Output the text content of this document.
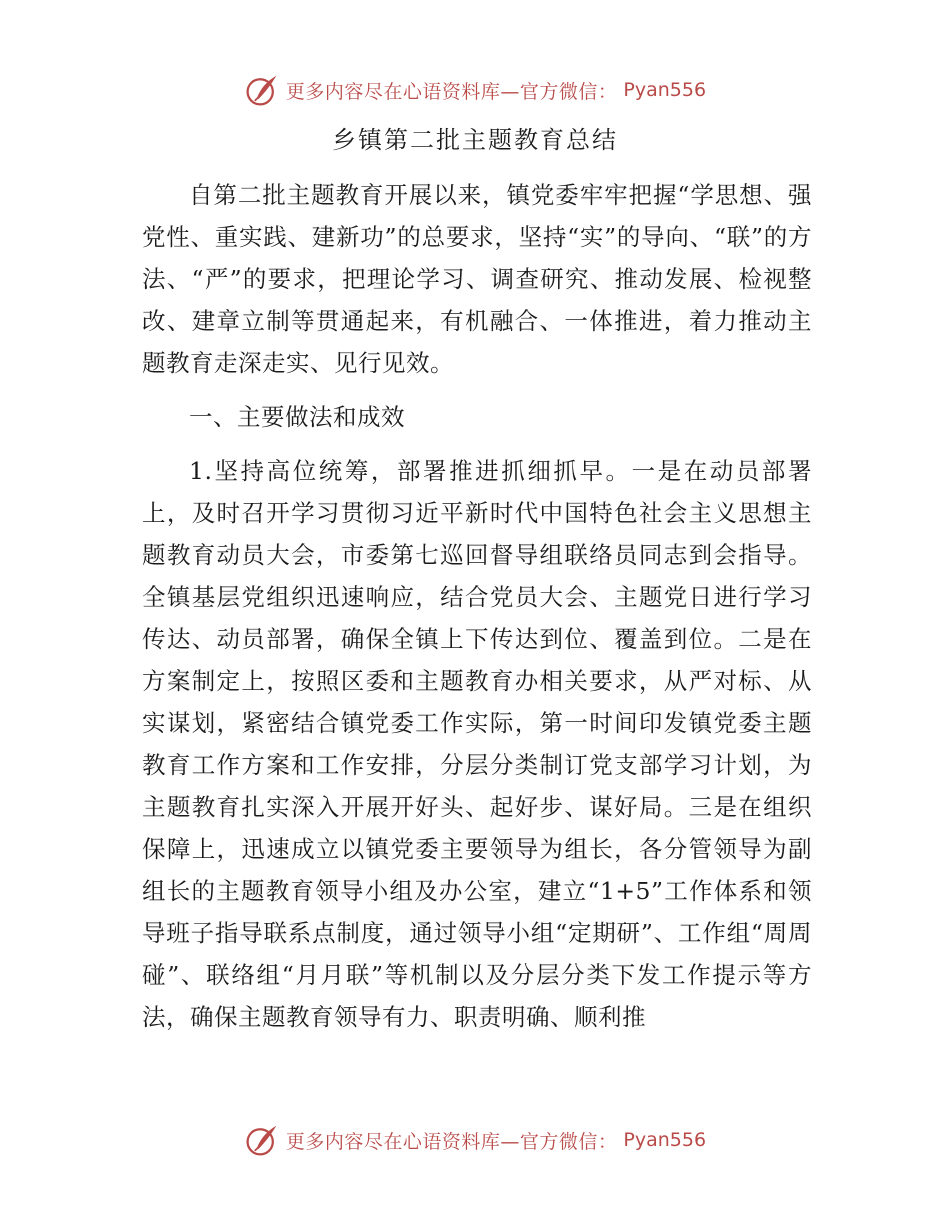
更多内容尽在心语资料库—官方微信： Pyan556
乡镇第二批主题教育总结

自第二批主题教育开展以来，镇党委牢牢把握“学思想、强党性、重实践、建新功”的总要求，坚持“实”的导向、“联”的方法、“严”的要求，把理论学习、调查研究、推动发展、检视整改、建章立制等贯通起来，有机融合、一体推进，着力推动主题教育走深走实、见行见效。

一、主要做法和成效

1.坚持高位统筹，部署推进抓细抓早。一是在动员部署上，及时召开学习贯彻习近平新时代中国特色社会主义思想主题教育动员大会，市委第七巡回督导组联络员同志到会指导。全镇基层党组织迅速响应，结合党员大会、主题党日进行学习传达、动员部署，确保全镇上下传达到位、覆盖到位。二是在方案制定上，按照区委和主题教育办相关要求，从严对标、从实谋划，紧密结合镇党委工作实际，第一时间印发镇党委主题教育工作方案和工作安排，分层分类制订党支部学习计划，为主题教育扎实深入开展开好头、起好步、谋好局。三是在组织保障上，迅速成立以镇党委主要领导为组长，各分管领导为副组长的主题教育领导小组及办公室，建立“1+5”工作体系和领导班子指导联系点制度，通过领导小组“定期研”、工作组“周周碰”、联络组“月月联”等机制以及分层分类下发工作提示等方法，确保主题教育领导有力、职责明确、顺利推

更多内容尽在心语资料库—官方微信： Pyan556
